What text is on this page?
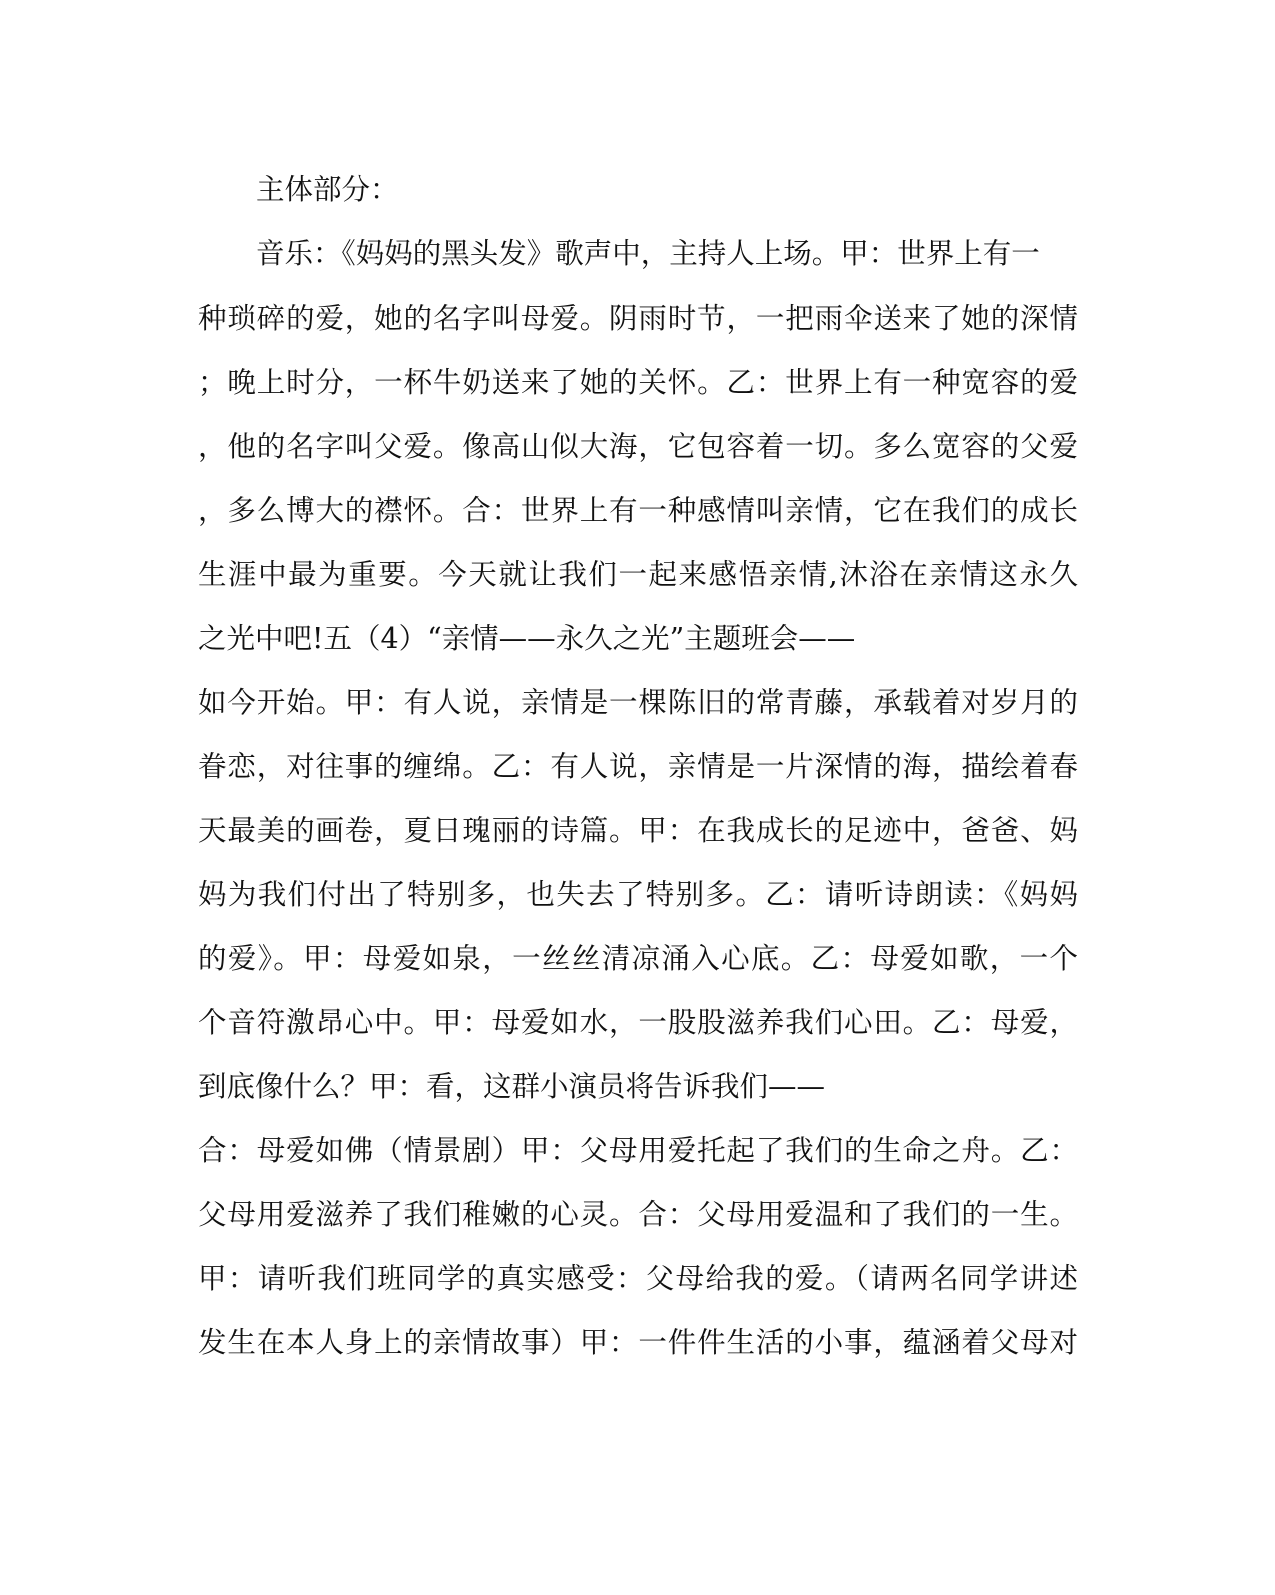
主体部分：
音乐：《妈妈的黑头发》歌声中，主持人上场。甲：世界上有一
种琐碎的爱，她的名字叫母爱。阴雨时节，一把雨伞送来了她的深情
；晚上时分，一杯牛奶送来了她的关怀。乙：世界上有一种宽容的爱
，他的名字叫父爱。像高山似大海，它包容着一切。多么宽容的父爱
，多么博大的襟怀。合：世界上有一种感情叫亲情，它在我们的成长
生涯中最为重要。今天就让我们一起来感悟亲情,沐浴在亲情这永久
之光中吧!五（4）“亲情——永久之光”主题班会——
如今开始。甲：有人说，亲情是一棵陈旧的常青藤，承载着对岁月的
眷恋，对往事的缠绵。乙：有人说，亲情是一片深情的海，描绘着春
天最美的画卷，夏日瑰丽的诗篇。甲：在我成长的足迹中，爸爸、妈
妈为我们付出了特别多，也失去了特别多。乙：请听诗朗读：《妈妈
的爱》。甲：母爱如泉，一丝丝清凉涌入心底。乙：母爱如歌，一个
个音符激昂心中。甲：母爱如水，一股股滋养我们心田。乙：母爱，
到底像什么？甲：看，这群小演员将告诉我们——
合：母爱如佛（情景剧）甲：父母用爱托起了我们的生命之舟。乙：
父母用爱滋养了我们稚嫩的心灵。合：父母用爱温和了我们的一生。
甲：请听我们班同学的真实感受：父母给我的爱。（请两名同学讲述
发生在本人身上的亲情故事）甲：一件件生活的小事，蕴涵着父母对
